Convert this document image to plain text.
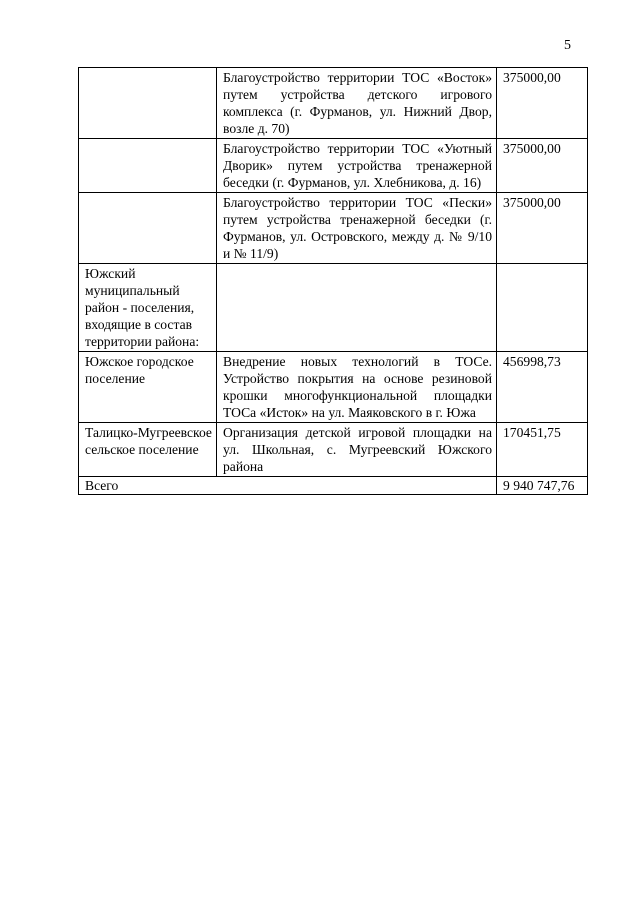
5
	Благоустройство территории ТОС «Восток» путем устройства детского игрового комплекса (г. Фурманов, ул. Нижний Двор, возле д. 70)	375000,00
	Благоустройство территории ТОС «Уютный Дворик» путем устройства тренажерной беседки (г. Фурманов, ул. Хлебникова, д. 16)	375000,00
	Благоустройство территории ТОС «Пески» путем устройства тренажерной беседки (г. Фурманов, ул. Островского, между д. № 9/10 и № 11/9)	375000,00
Южский муниципальный район - поселения, входящие в состав территории района:		
Южское городское поселение	Внедрение новых технологий в ТОСе. Устройство покрытия на основе резиновой крошки многофункциональной площадки ТОСа «Исток» на ул. Маяковского в г. Южа	456998,73
Талицко-Мугреевское сельское поселение	Организация детской игровой площадки на ул. Школьная, с. Мугреевский Южского района	170451,75
Всего		9 940 747,76
